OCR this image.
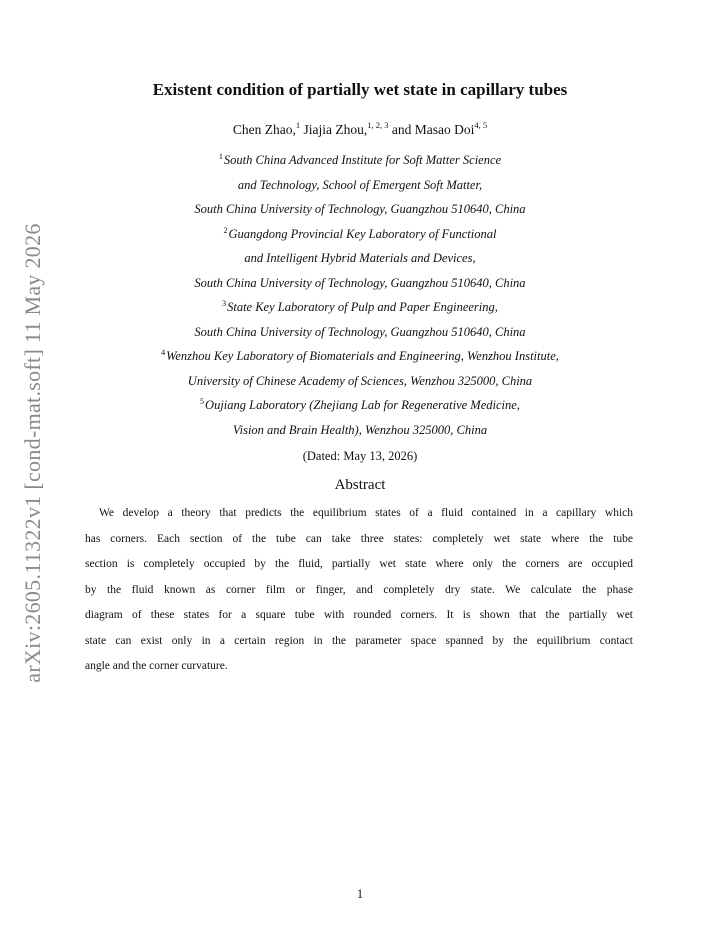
arXiv:2605.11322v1 [cond-mat.soft] 11 May 2026
Existent condition of partially wet state in capillary tubes
Chen Zhao,$^1$ Jiajia Zhou,$^{1, 2, 3}$ and Masao Doi$^{4, 5}$
$^1$South China Advanced Institute for Soft Matter Science
and Technology, School of Emergent Soft Matter,
South China University of Technology, Guangzhou 510640, China
$^2$Guangdong Provincial Key Laboratory of Functional
and Intelligent Hybrid Materials and Devices,
South China University of Technology, Guangzhou 510640, China
$^3$State Key Laboratory of Pulp and Paper Engineering,
South China University of Technology, Guangzhou 510640, China
$^4$Wenzhou Key Laboratory of Biomaterials and Engineering, Wenzhou Institute,
University of Chinese Academy of Sciences, Wenzhou 325000, China
$^5$Oujiang Laboratory (Zhejiang Lab for Regenerative Medicine,
Vision and Brain Health), Wenzhou 325000, China
(Dated: May 13, 2026)
Abstract
We develop a theory that predicts the equilibrium states of a fluid contained in a capillary which
has corners. Each section of the tube can take three states: completely wet state where the tube
section is completely occupied by the fluid, partially wet state where only the corners are occupied
by the fluid known as corner film or finger, and completely dry state. We calculate the phase
diagram of these states for a square tube with rounded corners. It is shown that the partially wet
state can exist only in a certain region in the parameter space spanned by the equilibrium contact
angle and the corner curvature.
1
